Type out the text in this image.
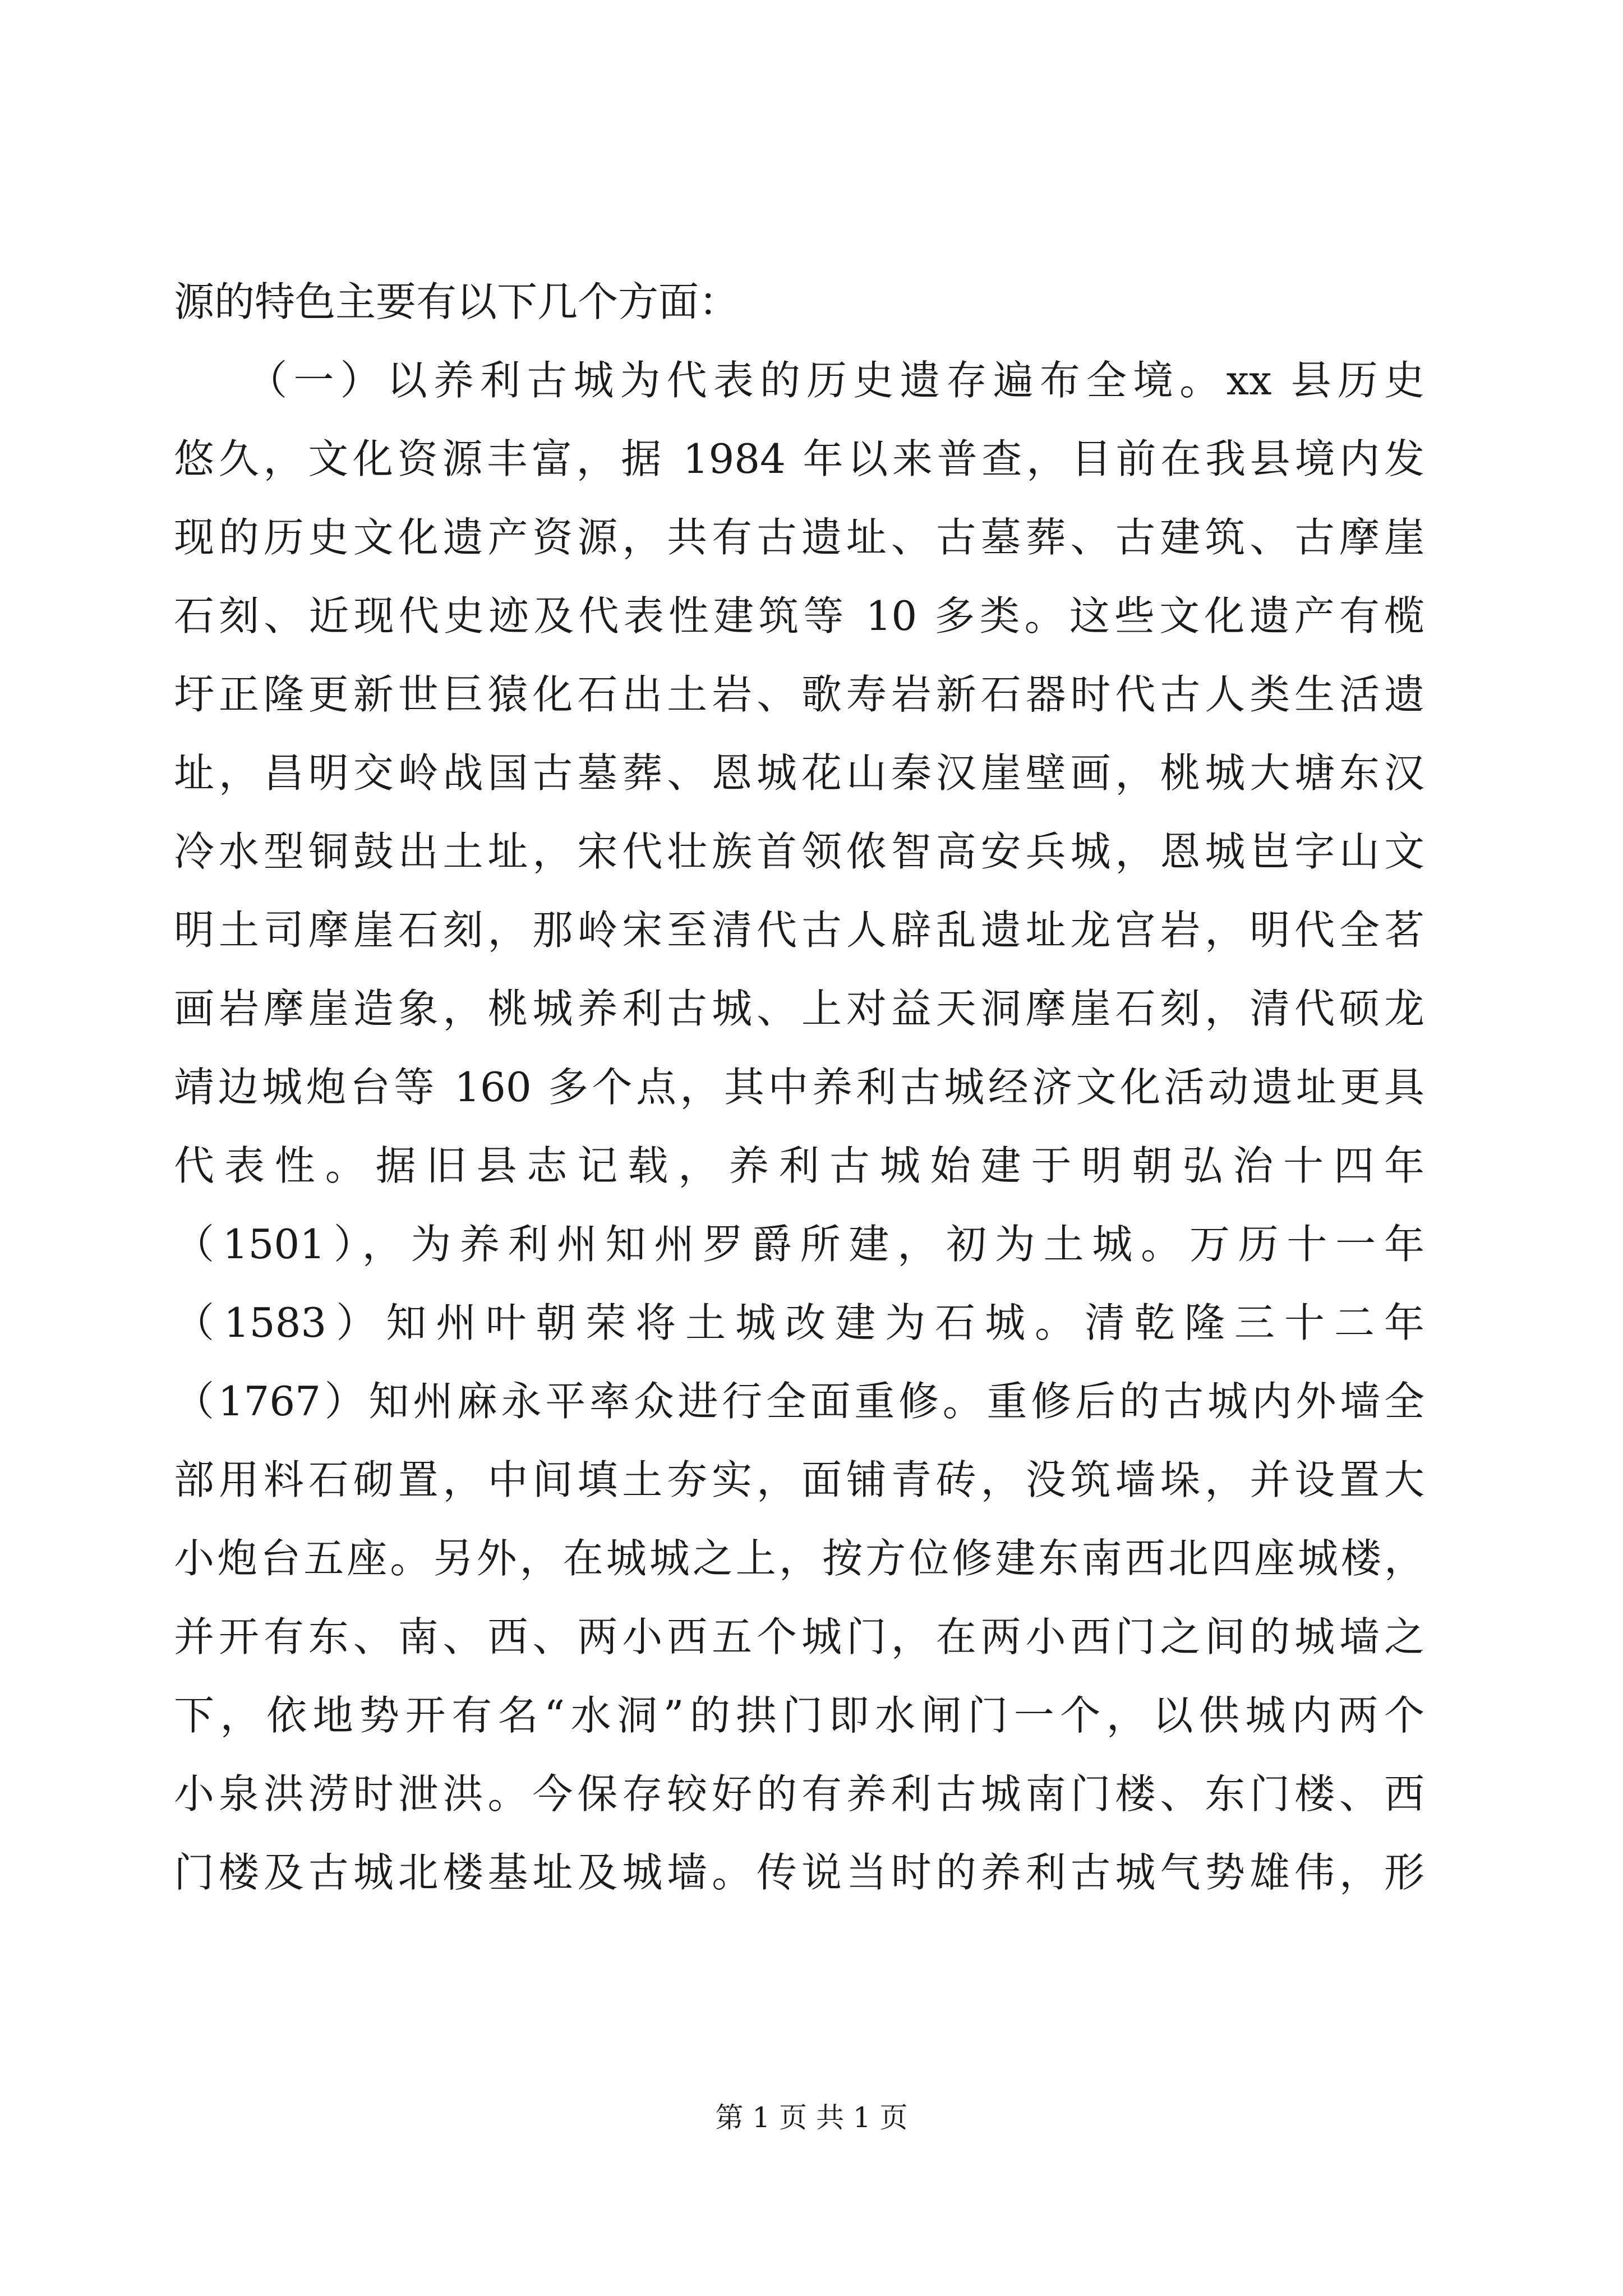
源的特色主要有以下几个方面：
　　（一）以养利古城为代表的历史遗存遍布全境。xx 县历史
悠久，文化资源丰富，据 1984 年以来普查，目前在我县境内发
现的历史文化遗产资源，共有古遗址、古墓葬、古建筑、古摩崖
石刻、近现代史迹及代表性建筑等 10 多类。这些文化遗产有榄
圩正隆更新世巨猿化石出土岩、歌寿岩新石器时代古人类生活遗
址，昌明交岭战国古墓葬、恩城花山秦汉崖壁画，桃城大塘东汉
冷水型铜鼓出土址，宋代壮族首领侬智高安兵城，恩城岜字山文
明土司摩崖石刻，那岭宋至清代古人辟乱遗址龙宫岩，明代全茗
画岩摩崖造象，桃城养利古城、上对益天洞摩崖石刻，清代硕龙
靖边城炮台等 160 多个点，其中养利古城经济文化活动遗址更具
代表性。据旧县志记载，养利古城始建于明朝弘治十四年
（1501），为养利州知州罗爵所建，初为土城。万历十一年
（1583）知州叶朝荣将土城改建为石城。清乾隆三十二年
（1767）知州麻永平率众进行全面重修。重修后的古城内外墙全
部用料石砌置，中间填土夯实，面铺青砖，没筑墙垛，并设置大
小炮台五座。另外，在城城之上，按方位修建东南西北四座城楼，
并开有东、南、西、两小西五个城门，在两小西门之间的城墙之
下，依地势开有名“水洞”的拱门即水闸门一个，以供城内两个
小泉洪涝时泄洪。今保存较好的有养利古城南门楼、东门楼、西
门楼及古城北楼基址及城墙。传说当时的养利古城气势雄伟，形
第 1 页 共 1 页
